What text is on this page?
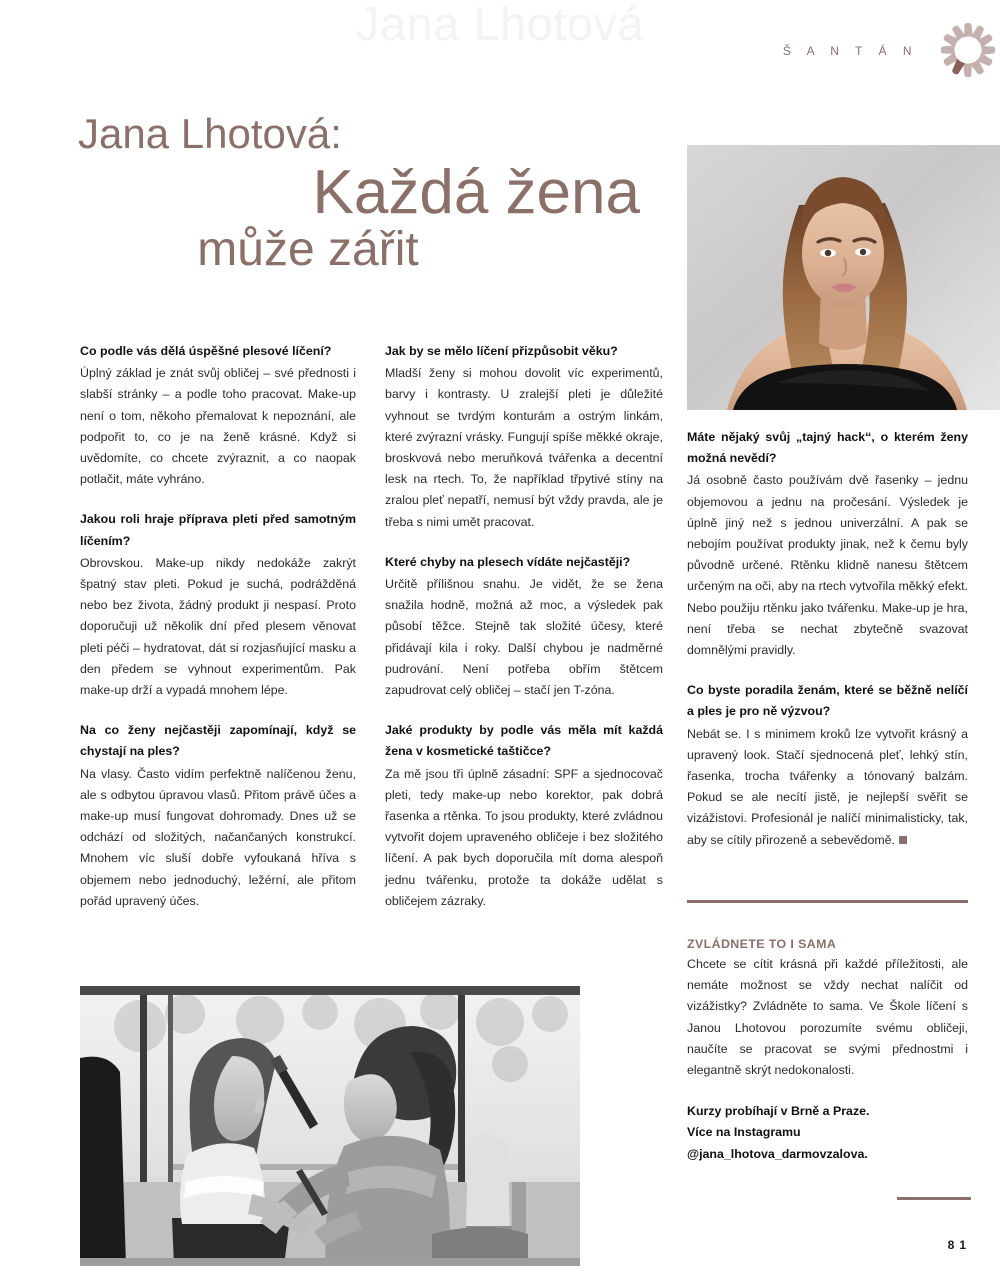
Jana Lhotová
Š A N T Á N
Jana Lhotová:
Každá žena
může zářit

Co podle vás dělá úspěšné plesové líčení?

Úplný základ je znát svůj obličej – své přednosti i slabší stránky – a podle toho pracovat. Make-up není o tom, někoho přemalovat k nepoznání, ale podpořit to, co je na ženě krásné. Když si uvědomíte, co chcete zvýraznit, a co naopak potlačit, máte vyhráno.

Jakou roli hraje příprava pleti před samotným líčením?

Obrovskou. Make-up nikdy nedokáže zakrýt špatný stav pleti. Pokud je suchá, podrážděná nebo bez života, žádný produkt ji nespasí. Proto doporučuji už několik dní před plesem věnovat pleti péči – hydratovat, dát si rozjasňující masku a den předem se vyhnout experimentům. Pak make-up drží a vypadá mnohem lépe.

Na co ženy nejčastěji zapomínají, když se chystají na ples?

Na vlasy. Často vidím perfektně nalíčenou ženu, ale s odbytou úpravou vlasů. Přitom právě účes a make-up musí fungovat dohromady. Dnes už se odchází od složitých, načančaných konstrukcí. Mnohem víc sluší dobře vyfoukaná hříva s objemem nebo jednoduchý, ležérní, ale přitom pořád upravený účes.

Jak by se mělo líčení přizpůsobit věku?

Mladší ženy si mohou dovolit víc experimentů, barvy i kontrasty. U zralejší pleti je důležité vyhnout se tvrdým konturám a ostrým linkám, které zvýrazní vrásky. Fungují spíše měkké okraje, broskvová nebo meruňková tvářenka a decentní lesk na rtech. To, že například třpytivé stíny na zralou pleť nepatří, nemusí být vždy pravda, ale je třeba s nimi umět pracovat.

Které chyby na plesech vídáte nejčastěji?

Určitě přílišnou snahu. Je vidět, že se žena snažila hodně, možná až moc, a výsledek pak působí těžce. Stejně tak složité účesy, které přidávají kila i roky. Další chybou je nadměrné pudrování. Není potřeba obřím štětcem zapudrovat celý obličej – stačí jen T-zóna.

Jaké produkty by podle vás měla mít každá žena v kosmetické taštičce?

Za mě jsou tři úplně zásadní: SPF a sjednocovač pleti, tedy make-up nebo korektor, pak dobrá řasenka a rtěnka. To jsou produkty, které zvládnou vytvořit dojem upraveného obličeje i bez složitého líčení. A pak bych doporučila mít doma alespoň jednu tvářenku, protože ta dokáže udělat s obličejem zázraky.

Máte nějaký svůj „tajný hack“, o kterém ženy možná nevědí?

Já osobně často používám dvě řasenky – jednu objemovou a jednu na pročesání. Výsledek je úplně jiný než s jednou univerzální. A pak se nebojím používat produkty jinak, než k čemu byly původně určené. Rtěnku klidně nanesu štětcem určeným na oči, aby na rtech vytvořila měkký efekt. Nebo použiju rtěnku jako tvářenku. Make-up je hra, není třeba se nechat zbytečně svazovat domnělými pravidly.

Co byste poradila ženám, které se běžně nelíčí a ples je pro ně výzvou?

Nebát se. I s minimem kroků lze vytvořit krásný a upravený look. Stačí sjednocená pleť, lehký stín, řasenka, trocha tvářenky a tónovaný balzám. Pokud se ale necítí jistě, je nejlepší svěřit se vizážistovi. Profesionál je nalíčí minimalisticky, tak, aby se cítily přirozeně a sebevědomě.

ZVLÁDNETE TO I SAMA
Chcete se cítit krásná při každé příležitosti, ale nemáte možnost se vždy nechat nalíčit od vizážistky? Zvládněte to sama. Ve Škole líčení s Janou Lhotovou porozumíte svému obličeji, naučíte se pracovat se svými přednostmi i elegantně skrýt nedokonalosti.
Kurzy probíhají v Brně a Praze.
Více na Instagramu
@jana_lhotova_darmovzalova.
81
